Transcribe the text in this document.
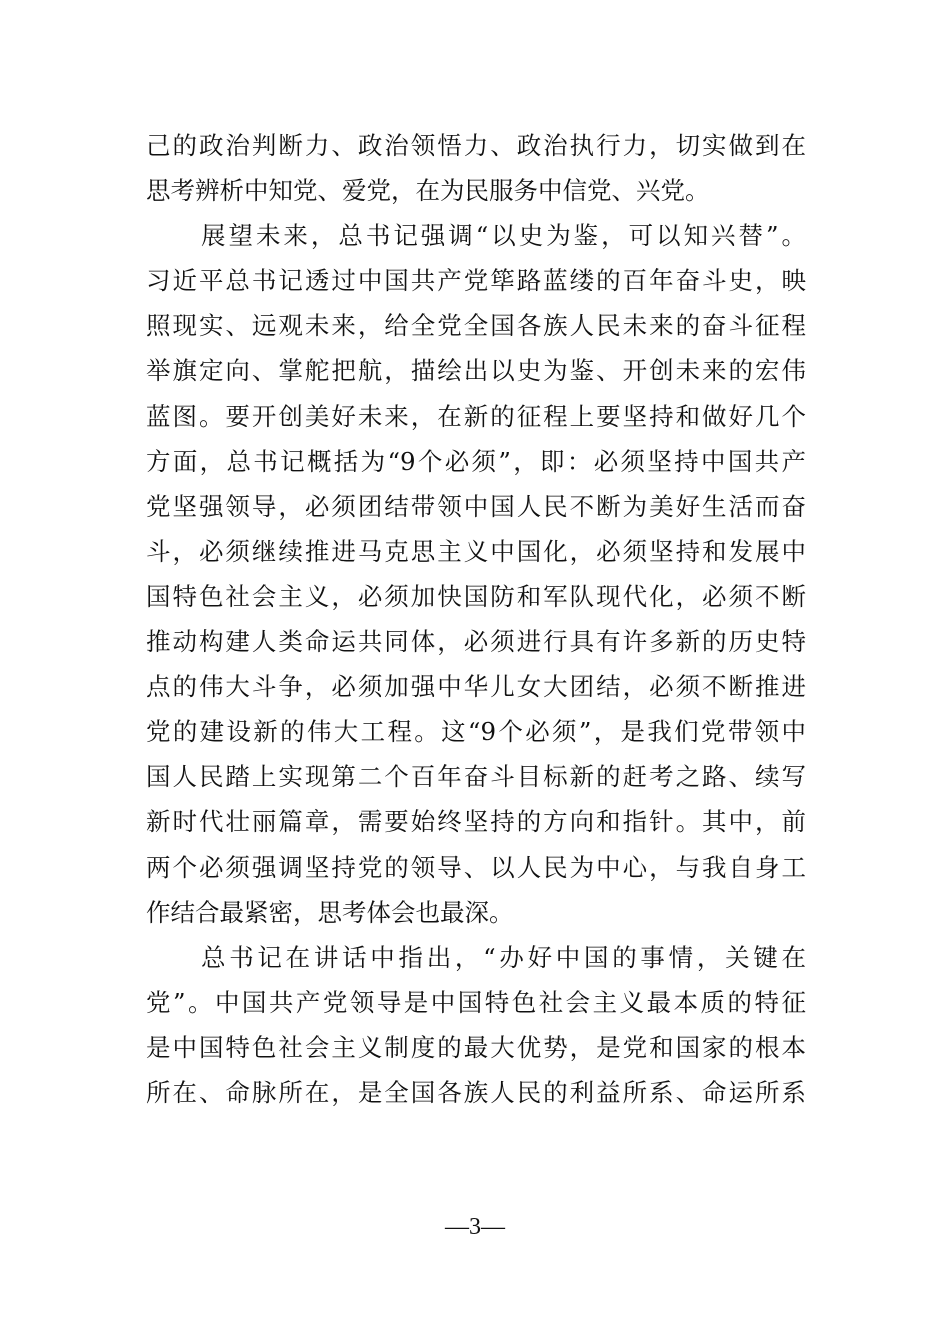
己的政治判断力、政治领悟力、政治执行力，切实做到在
思考辨析中知党、爱党，在为民服务中信党、兴党。
展望未来，总书记强调“以史为鉴，可以知兴替”。
习近平总书记透过中国共产党筚路蓝缕的百年奋斗史，映
照现实、远观未来，给全党全国各族人民未来的奋斗征程
举旗定向、掌舵把航，描绘出以史为鉴、开创未来的宏伟
蓝图。要开创美好未来，在新的征程上要坚持和做好几个
方面，总书记概括为“9个必须”，即：必须坚持中国共产
党坚强领导，必须团结带领中国人民不断为美好生活而奋
斗，必须继续推进马克思主义中国化，必须坚持和发展中
国特色社会主义，必须加快国防和军队现代化，必须不断
推动构建人类命运共同体，必须进行具有许多新的历史特
点的伟大斗争，必须加强中华儿女大团结，必须不断推进
党的建设新的伟大工程。这“9个必须”，是我们党带领中
国人民踏上实现第二个百年奋斗目标新的赶考之路、续写
新时代壮丽篇章，需要始终坚持的方向和指针。其中，前
两个必须强调坚持党的领导、以人民为中心，与我自身工
作结合最紧密，思考体会也最深。
总书记在讲话中指出，“办好中国的事情，关键在
党”。中国共产党领导是中国特色社会主义最本质的特征
是中国特色社会主义制度的最大优势，是党和国家的根本
所在、命脉所在，是全国各族人民的利益所系、命运所系
—3—
